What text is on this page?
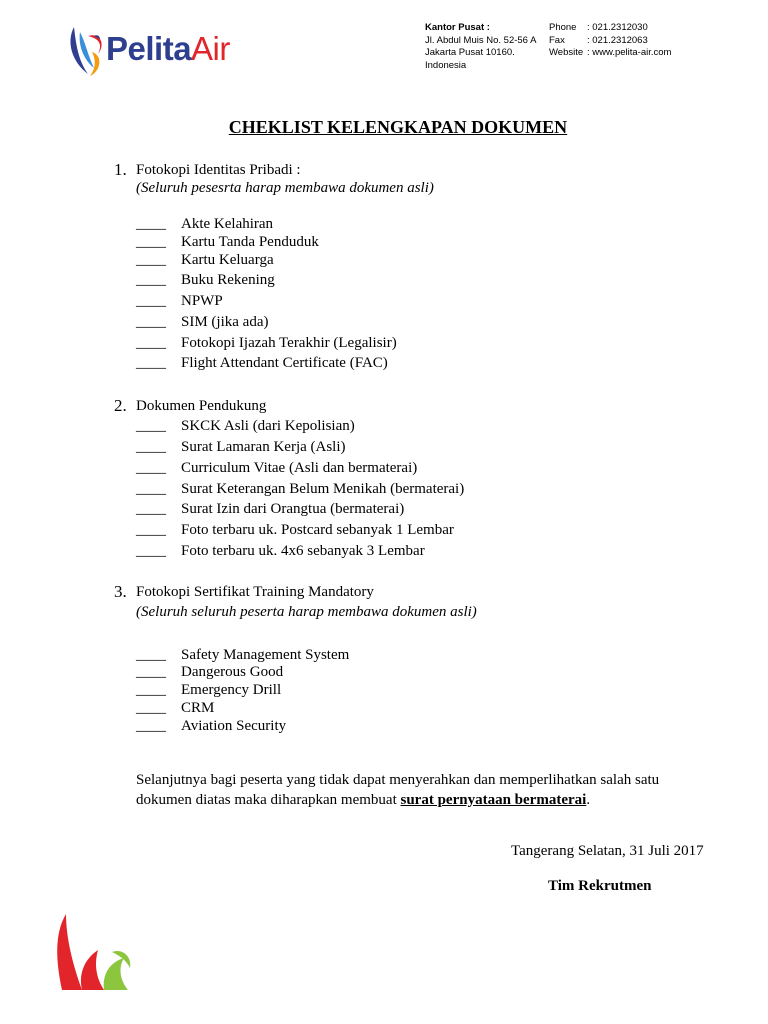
PelitaAir
Kantor Pusat :
Jl. Abdul Muis No. 52-56 A
Jakarta Pusat 10160.
Indonesia
Phone	: 021.2312030
Fax	: 021.2312063
Website : www.pelita-air.com
CHEKLIST KELENGKAPAN DOKUMEN
1. Fotokopi Identitas Pribadi :
(Seluruh pesesrta harap membawa dokumen asli)
____	Akte Kelahiran
____	Kartu Tanda Penduduk
____	Kartu Keluarga
____	Buku Rekening
____	NPWP
____	SIM (jika ada)
____	Fotokopi Ijazah Terakhir (Legalisir)
____	Flight Attendant Certificate (FAC)
2. Dokumen Pendukung
____	SKCK Asli (dari Kepolisian)
____	Surat Lamaran Kerja (Asli)
____	Curriculum Vitae (Asli dan bermaterai)
____	Surat Keterangan Belum Menikah (bermaterai)
____	Surat Izin dari Orangtua (bermaterai)
____	Foto terbaru uk. Postcard sebanyak 1 Lembar
____	Foto terbaru uk. 4x6 sebanyak 3 Lembar
3. Fotokopi Sertifikat Training Mandatory
(Seluruh seluruh peserta harap membawa dokumen asli)
____	Safety Management System
____	Dangerous Good
____	Emergency Drill
____	CRM
____	Aviation Security
Selanjutnya bagi peserta yang tidak dapat menyerahkan dan memperlihatkan salah satu dokumen diatas maka diharapkan membuat surat pernyataan bermaterai.
Tangerang Selatan, 31 Juli 2017
Tim Rekrutmen
